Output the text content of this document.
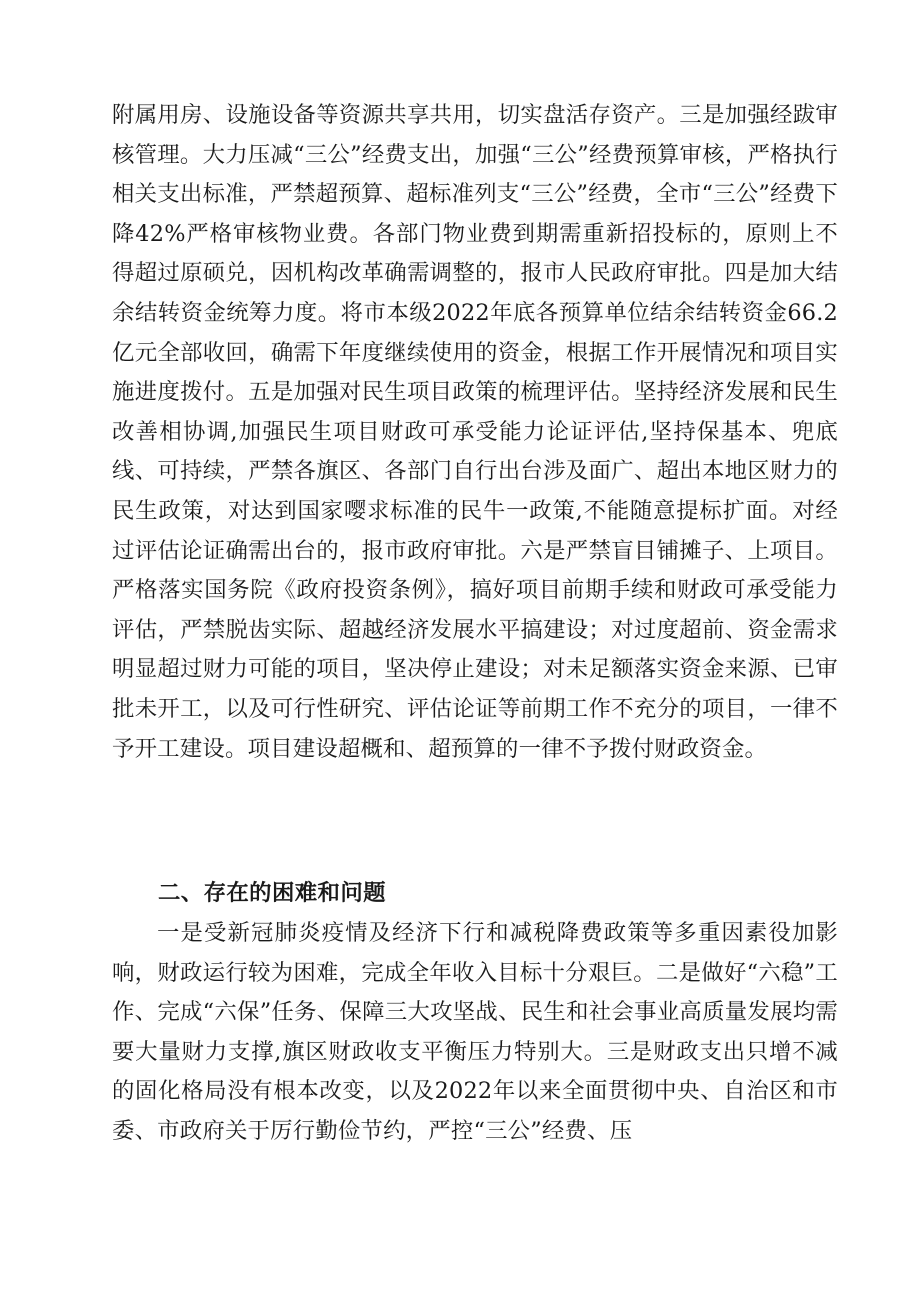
附属用房、设施设备等资源共享共用，切实盘活存资产。三是加强经跋审核管理。大力压减“三公”经费支出，加强“三公”经费预算审核，严格执行相关支出标准，严禁超预算、超标准列支“三公”经费，全市“三公”经费下降42%严格审核物业费。各部门物业费到期需重新招投标的，原则上不得超过原硕兑，因机构改革确需调整的，报市人民政府审批。四是加大结余结转资金统筹力度。将市本级2022年底各预算单位结余结转资金66.2亿元全部收回，确需下年度继续使用的资金，根据工作开展情况和项目实施进度拨付。五是加强对民生项目政策的梳理评估。坚持经济发展和民生改善相协调,加强民生项目财政可承受能力论证评估,坚持保基本、兜底线、可持续，严禁各旗区、各部门自行出台涉及面广、超出本地区财力的民生政策，对达到国家嘤求标准的民牛一政策,不能随意提标扩面。对经过评估论证确需出台的，报市政府审批。六是严禁盲目铺摊子、上项目。严格落实国务院《政府投资条例》，搞好项目前期手续和财政可承受能力评估，严禁脱齿实际、超越经济发展水平搞建设；对过度超前、资金需求明显超过财力可能的项目，坚决停止建设；对未足额落实资金来源、已审批未开工，以及可行性研究、评估论证等前期工作不充分的项目，一律不予开工建设。项目建设超概和、超预算的一律不予拨付财政资金。

二、存在的困难和问题

一是受新冠肺炎疫情及经济下行和减税降费政策等多重因素役加影响，财政运行较为困难，完成全年收入目标十分艰巨。二是做好“六稳”工作、完成“六保”任务、保障三大攻坚战、民生和社会事业高质量发展均需要大量财力支撑,旗区财政收支平衡压力特别大。三是财政支出只增不减的固化格局没有根本改变，以及2022年以来全面贯彻中央、自治区和市委、市政府关于厉行勤俭节约，严控“三公”经费、压
